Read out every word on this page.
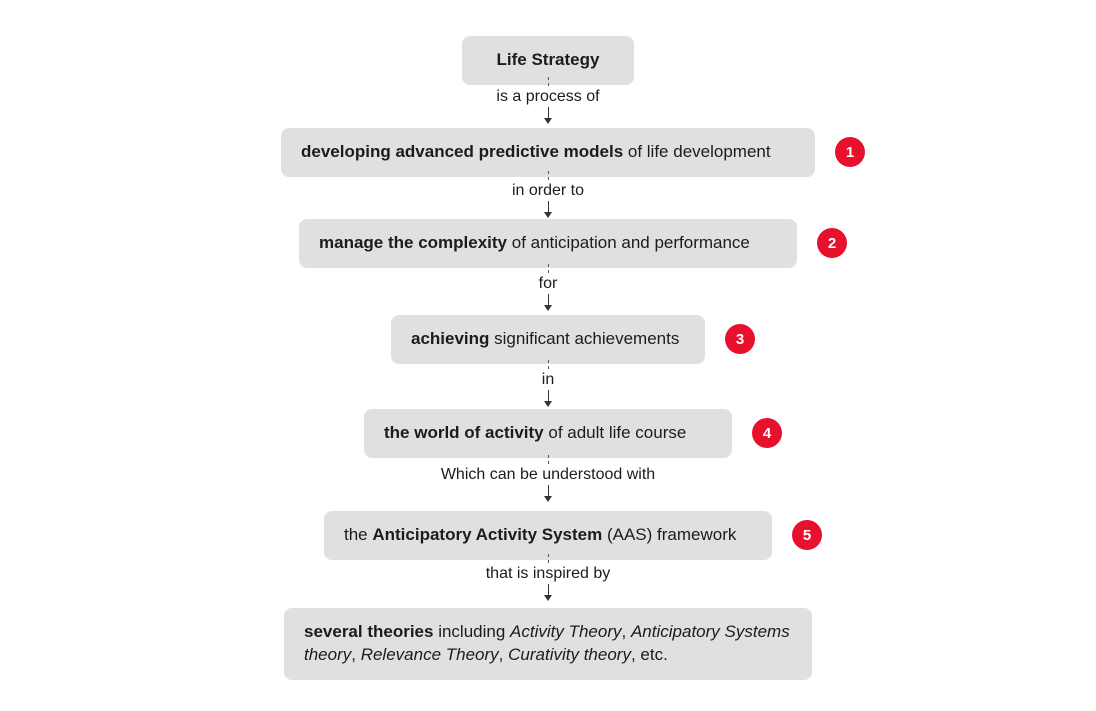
Life Strategy
is a process of
developing advanced predictive models of life development	1
in order to
manage the complexity of anticipation and performance	2
for
achieving significant achievements	3
in
the world of activity of adult life course	4
Which can be understood with
the Anticipatory Activity System (AAS) framework	5
that is inspired by
several theories including Activity Theory, Anticipatory Systems theory, Relevance Theory, Curativity theory, etc.
